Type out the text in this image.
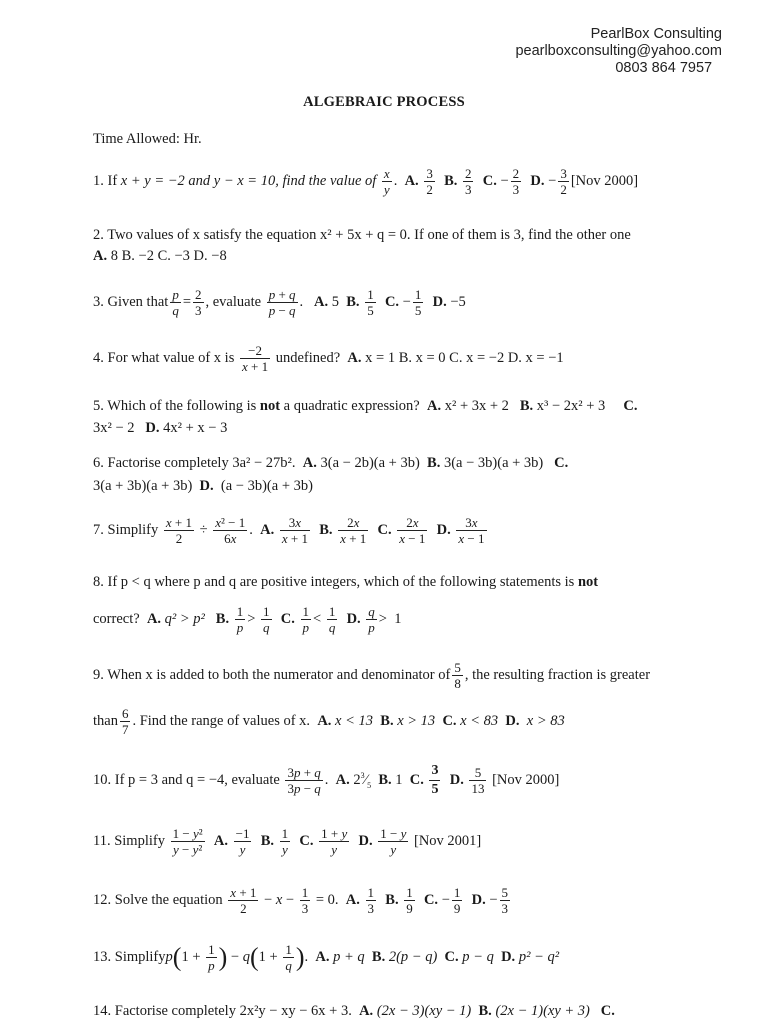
PearlBox Consulting
pearlboxconsulting@yahoo.com
0803 864 7957
ALGEBRAIC PROCESS
Time Allowed: Hr.
1. If x + y = −2 and y − x = 10, find the value of $\frac{x}{y}$ .  A. $\frac{3}{2} B$. $\frac{2}{3} C$. − $\frac{2}{3} D$. − $\frac{3}{2} [Nov$ 2000]
2. Two values of x satisfy the equation x² + 5x + q = 0. If one of them is 3, find the other one
A. 8 B. −2 C. −3 D. −8
3. Given that $\frac{p}{q} = \frac{2}{3}$ , evaluate $\frac{p + q}{p - q}$ .   A. 5 B. $\frac{1}{5} C$. − $\frac{1}{5} D$. −5
4. For what value of x is $\frac{-2}{x + 1}$ undefined? A. x = 1 B. x = 0 C. x = −2 D. x = −1
5. Which of the following is not a quadratic expression? A. x² + 3x + 2 B. x³ − 2x² + 3 C.
3x² − 2 D. 4x² + x − 3
6. Factorise completely 3a² − 27b². A. 3(a − 2b)(a + 3b) B. 3(a − 3b)(a + 3b) C.
3(a + 3b)(a + 3b) D. (a − 3b)(a + 3b)
7. Simplify $\frac{x + 1}{2} \div \frac{\text{x² − 1}}{6x}$ .  A. $\frac{3x}{x + 1} B$. $\frac{2x}{x + 1} C$. $\frac{2x}{x - 1} D$. $\frac{3x}{x - 1}$
8. If p < q where p and q are positive integers, which of the following statements is not
correct? A. q² > p² B. $\frac{1}{p} > \frac{1}{q} C$. $\frac{1}{p} < \frac{1}{q} D$. $\frac{q}{p} > 1$
9. When x is added to both the numerator and denominator of $\frac{5}{8}$ , the resulting fraction is greater
than $\frac{6}{7}$ . Find the range of values of x. A. x < 13 B. x > 13 C. x < 83 D. x > 83
10. If p = 3 and q = −4, evaluate $\frac{3p + q}{3p - q}$ .  A. $2^3⁄_5$ B. 1 C. $\frac{3}{5} D$. $\frac{5}{13} [Nov$ 2000]
11. Simplify $\frac{\text{1 − y²}}{\text{y − y²}} A$. $\frac{-1}{y} B$. $\frac{1}{y} C$. $\frac{1 + y}{y} D$. $\frac{1 - y}{y} [Nov$ 2001]
12. Solve the equation $\frac{x + 1}{2} - x - \frac{1}{3} = 0$.  A. $\frac{1}{3} B$. $\frac{1}{9} C$. − $\frac{1}{9} D$. − $\frac{5}{3}$
13. Simplifyp(1 + $\frac{1}{p}$ ) − $q(1 + \frac{1}{q}$ ).  A. p + q B. 2(p − q) C. p − q D. p² − q²
14. Factorise completely 2x²y − xy − 6x + 3. A. (2x − 3)(xy − 1) B. (2x − 1)(xy + 3) C.
